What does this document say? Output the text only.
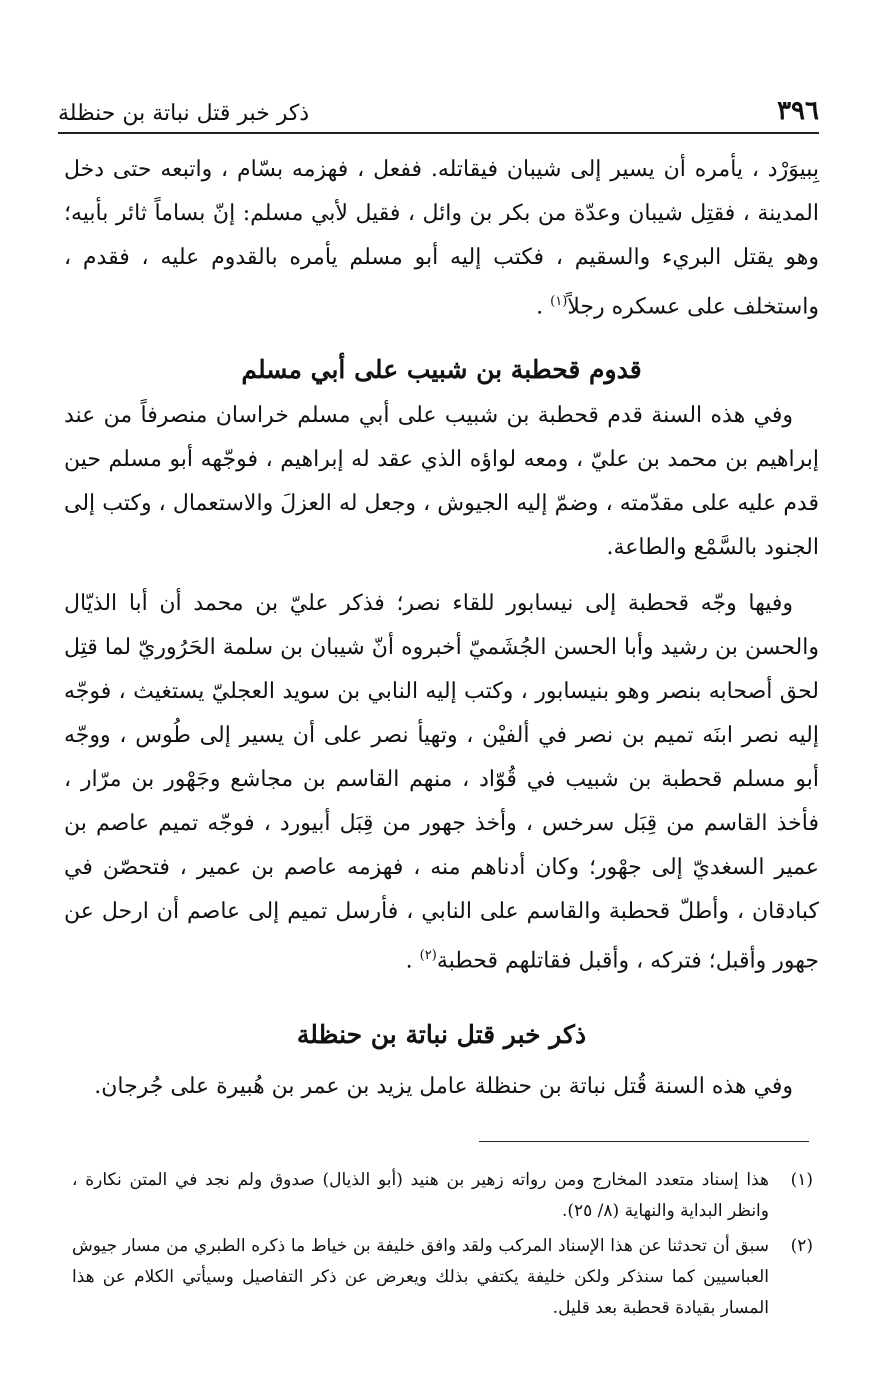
٣٩٦
ذكر خبر قتل نباتة بن حنظلة

بِبيوَرْد ، يأمره أن يسير إلى شيبان فيقاتله. ففعل ، فهزمه بسّام ، واتبعه حتى دخل المدينة ، فقتِل شيبان وعدّة من بكر بن وائل ، فقيل لأبي مسلم: إنّ بساماً ثائر بأبيه؛ وهو يقتل البريء والسقيم ، فكتب إليه أبو مسلم يأمره بالقدوم عليه ، فقدم ، واستخلف على عسكره رجلاً$^{(١)}$ .

قدوم قحطبة بن شبيب على أبي مسلم

وفي هذه السنة قدم قحطبة بن شبيب على أبي مسلم خراسان منصرفاً من عند إبراهيم بن محمد بن عليّ ، ومعه لواؤه الذي عقد له إبراهيم ، فوجّهه أبو مسلم حين قدم عليه على مقدّمته ، وضمّ إليه الجيوش ، وجعل له العزلَ والاستعمال ، وكتب إلى الجنود بالسَّمْع والطاعة.

وفيها وجّه قحطبة إلى نيسابور للقاء نصر؛ فذكر عليّ بن محمد أن أبا الذيّال والحسن بن رشيد وأبا الحسن الجُشَميّ أخبروه أنّ شيبان بن سلمة الحَرُوريّ لما قتِل لحق أصحابه بنصر وهو بنيسابور ، وكتب إليه النابي بن سويد العجليّ يستغيث ، فوجّه إليه نصر ابنَه تميم بن نصر في ألفيْن ، وتهيأ نصر على أن يسير إلى طُوس ، ووجّه أبو مسلم قحطبة بن شبيب في قُوّاد ، منهم القاسم بن مجاشع وجَهْور بن مرّار ، فأخذ القاسم من قِبَل سرخس ، وأخذ جهور من قِبَل أبيورد ، فوجّه تميم عاصم بن عمير السغديّ إلى جهْور؛ وكان أدناهم منه ، فهزمه عاصم بن عمير ، فتحصّن في كبادقان ، وأطلّ قحطبة والقاسم على النابي ، فأرسل تميم إلى عاصم أن ارحل عن جهور وأقبل؛ فتركه ، وأقبل فقاتلهم قحطبة$^{(٢)}$ .

ذكر خبر قتل نباتة بن حنظلة

وفي هذه السنة قُتل نباتة بن حنظلة عامل يزيد بن عمر بن هُبيرة على جُرجان.

(١)
هذا إسناد متعدد المخارج ومن رواته زهير بن هنيد (أبو الذيال) صدوق ولم نجد في المتن نكارة ، وانظر البداية والنهاية (٨/ ٢٥).
(٢)
سبق أن تحدثنا عن هذا الإسناد المركب ولقد وافق خليفة بن خياط ما ذكره الطبري من مسار جيوش العباسيين كما سنذكر ولكن خليفة يكتفي بذلك ويعرض عن ذكر التفاصيل وسيأتي الكلام عن هذا المسار بقيادة قحطبة بعد قليل.
